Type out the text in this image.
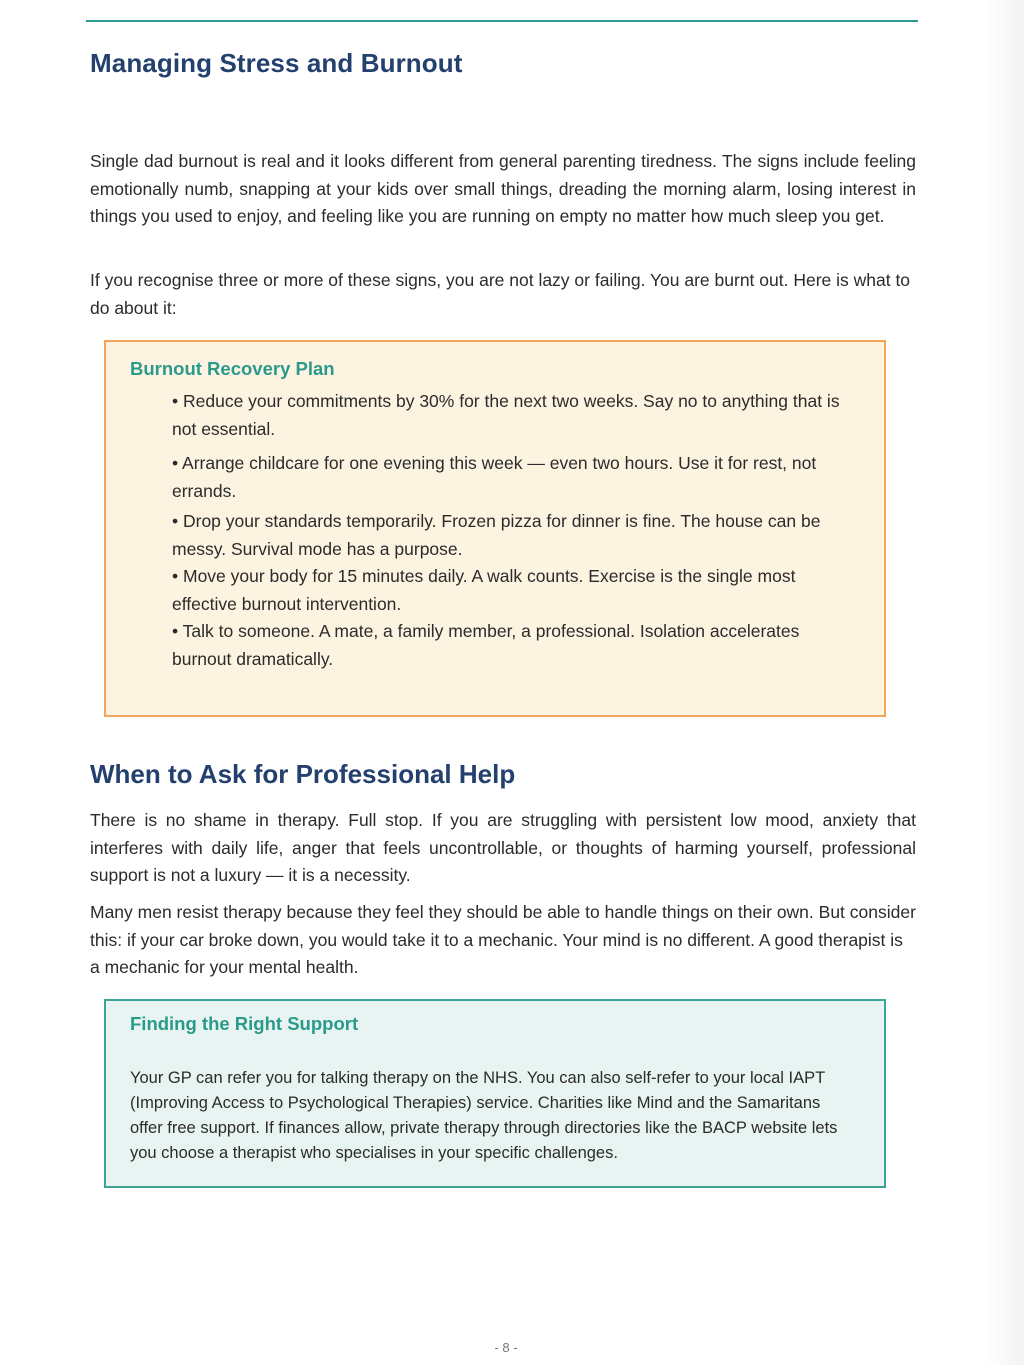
Managing Stress and Burnout

Single dad burnout is real and it looks different from general parenting tiredness. The signs include feeling emotionally numb, snapping at your kids over small things, dreading the morning alarm, losing interest in things you used to enjoy, and feeling like you are running on empty no matter how much sleep you get.

If you recognise three or more of these signs, you are not lazy or failing. You are burnt out. Here is what to do about it:

Burnout Recovery Plan
• Reduce your commitments by 30% for the next two weeks. Say no to anything that is not essential.
• Arrange childcare for one evening this week — even two hours. Use it for rest, not errands.
• Drop your standards temporarily. Frozen pizza for dinner is fine. The house can be messy. Survival mode has a purpose.
• Move your body for 15 minutes daily. A walk counts. Exercise is the single most effective burnout intervention.
• Talk to someone. A mate, a family member, a professional. Isolation accelerates burnout dramatically.
When to Ask for Professional Help

There is no shame in therapy. Full stop. If you are struggling with persistent low mood, anxiety that interferes with daily life, anger that feels uncontrollable, or thoughts of harming yourself, professional support is not a luxury — it is a necessity.

Many men resist therapy because they feel they should be able to handle things on their own. But consider this: if your car broke down, you would take it to a mechanic. Your mind is no different. A good therapist is a mechanic for your mental health.

Finding the Right Support

Your GP can refer you for talking therapy on the NHS. You can also self-refer to your local IAPT (Improving Access to Psychological Therapies) service. Charities like Mind and the Samaritans offer free support. If finances allow, private therapy through directories like the BACP website lets you choose a therapist who specialises in your specific challenges.

- 8 -
